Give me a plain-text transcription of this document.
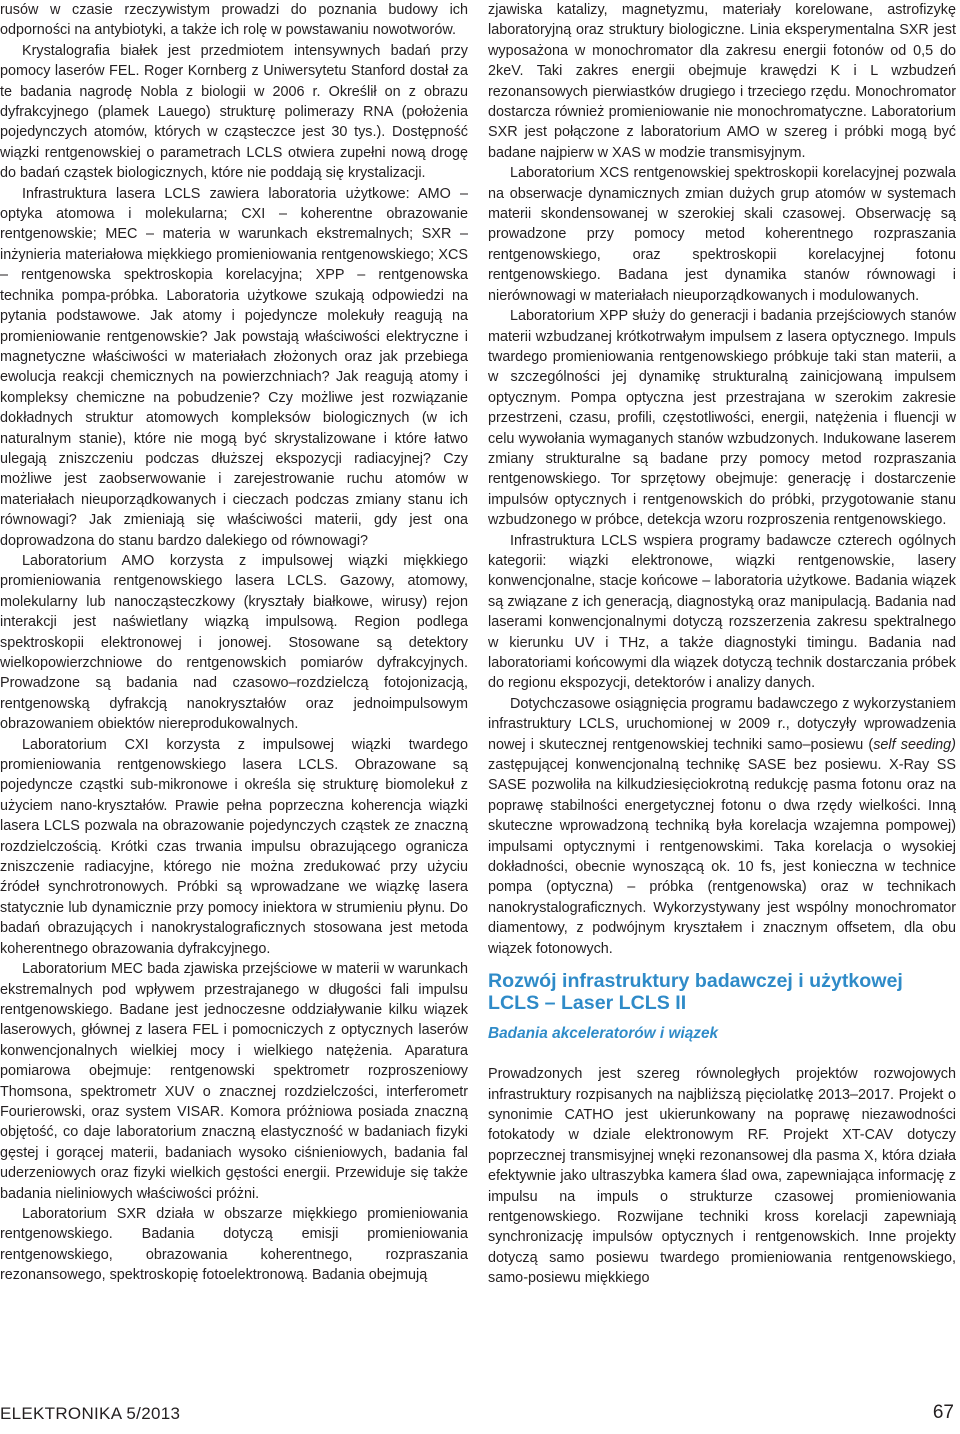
rusów w czasie rzeczywistym prowadzi do poznania budowy ich odporności na antybiotyki, a także ich rolę w powstawaniu nowotworów.

Krystalografia białek jest przedmiotem intensywnych badań przy pomocy laserów FEL. Roger Kornberg z Uniwersytetu Stanford dostał za te badania nagrodę Nobla z biologii w 2006 r. Określił on z obrazu dyfrakcyjnego (plamek Lauego) strukturę polimerazy RNA (położenia pojedynczych atomów, których w cząsteczce jest 30 tys.). Dostępność wiązki rentgenowskiej o parametrach LCLS otwiera zupełni nową drogę do badań cząstek biologicznych, które nie poddają się krystalizacji.

Infrastruktura lasera LCLS zawiera laboratoria użytkowe: AMO – optyka atomowa i molekularna; CXI – koherentne obrazowanie rentgenowskie; MEC – materia w warunkach ekstremalnych; SXR – inżynieria materiałowa miękkiego promieniowania rentgenowskiego; XCS – rentgenowska spektroskopia korelacyjna; XPP – rentgenowska technika pompa-próbka. Laboratoria użytkowe szukają odpowiedzi na pytania podstawowe. Jak atomy i pojedyncze molekuły reagują na promieniowanie rentgenowskie? Jak powstają właściwości elektryczne i magnetyczne właściwości w materiałach złożonych oraz jak przebiega ewolucja reakcji chemicznych na powierzchniach? Jak reagują atomy i kompleksy chemiczne na pobudzenie? Czy możliwe jest rozwiązanie dokładnych struktur atomowych kompleksów biologicznych (w ich naturalnym stanie), które nie mogą być skrystalizowane i które łatwo ulegają zniszczeniu podczas dłuższej ekspozycji radiacyjnej? Czy możliwe jest zaobserwowanie i zarejestrowanie ruchu atomów w materiałach nieuporządkowanych i cieczach podczas zmiany stanu ich równowagi? Jak zmieniają się właściwości materii, gdy jest ona doprowadzona do stanu bardzo dalekiego od równowagi?

Laboratorium AMO korzysta z impulsowej wiązki miękkiego promieniowania rentgenowskiego lasera LCLS. Gazowy, atomowy, molekularny lub nanocząsteczkowy (kryształy białkowe, wirusy) rejon interakcji jest naświetlany wiązką impulsową. Region podlega spektroskopii elektronowej i jonowej. Stosowane są detektory wielkopowierzchniowe do rentgenowskich pomiarów dyfrakcyjnych. Prowadzone są badania nad czasowo–rozdzielczą fotojonizacją, rentgenowską dyfrakcją nanokryształów oraz jednoimpulsowym obrazowaniem obiektów niereprodukowalnych.

Laboratorium CXI korzysta z impulsowej wiązki twardego promieniowania rentgenowskiego lasera LCLS. Obrazowane są pojedyncze cząstki sub-mikronowe i określa się strukturę biomolekuł z użyciem nano-kryształów. Prawie pełna poprzeczna koherencja wiązki lasera LCLS pozwala na obrazowanie pojedynczych cząstek ze znaczną rozdzielczością. Krótki czas trwania impulsu obrazującego ogranicza zniszczenie radiacyjne, którego nie można zredukować przy użyciu źródeł synchrotronowych. Próbki są wprowadzane we wiązkę lasera statycznie lub dynamicznie przy pomocy iniektora w strumieniu płynu. Do badań obrazujących i nanokrystalograficznych stosowana jest metoda koherentnego obrazowania dyfrakcyjnego.

Laboratorium MEC bada zjawiska przejściowe w materii w warunkach ekstremalnych pod wpływem przestrajanego w długości fali impulsu rentgenowskiego. Badane jest jednoczesne oddziaływanie kilku wiązek laserowych, głównej z lasera FEL i pomocniczych z optycznych laserów konwencjonalnych wielkiej mocy i wielkiego natężenia. Aparatura pomiarowa obejmuje: rentgenowski spektrometr rozproszeniowy Thomsona, spektrometr XUV o znacznej rozdzielczości, interferometr Fourierowski, oraz system VISAR. Komora próżniowa posiada znaczną objętość, co daje laboratorium znaczną elastyczność w badaniach fizyki gęstej i gorącej materii, badaniach wysoko ciśnieniowych, badania fal uderzeniowych oraz fizyki wielkich gęstości energii. Przewiduje się także badania nieliniowych właściwości próżni.

Laboratorium SXR działa w obszarze miękkiego promieniowania rentgenowskiego. Badania dotyczą emisji promieniowania rentgenowskiego, obrazowania koherentnego, rozpraszania rezonansowego, spektroskopię fotoelektronową. Badania obejmują

zjawiska katalizy, magnetyzmu, materiały korelowane, astrofizykę laboratoryjną oraz struktury biologiczne. Linia eksperymentalna SXR jest wyposażona w monochromator dla zakresu energii fotonów od 0,5 do 2keV. Taki zakres energii obejmuje krawędzi K i L wzbudzeń rezonansowych pierwiastków drugiego i trzeciego rzędu. Monochromator dostarcza również promieniowanie nie monochromatyczne. Laboratorium SXR jest połączone z laboratorium AMO w szereg i próbki mogą być badane najpierw w XAS w modzie transmisyjnym.

Laboratorium XCS rentgenowskiej spektroskopii korelacyjnej pozwala na obserwacje dynamicznych zmian dużych grup atomów w systemach materii skondensowanej w szerokiej skali czasowej. Obserwację są prowadzone przy pomocy metod koherentnego rozpraszania rentgenowskiego, oraz spektroskopii korelacyjnej fotonu rentgenowskiego. Badana jest dynamika stanów równowagi i nierównowagi w materiałach nieuporządkowanych i modulowanych.

Laboratorium XPP służy do generacji i badania przejściowych stanów materii wzbudzanej krótkotrwałym impulsem z lasera optycznego. Impuls twardego promieniowania rentgenowskiego próbkuje taki stan materii, a w szczególności jej dynamikę strukturalną zainicjowaną impulsem optycznym. Pompa optyczna jest przestrajana w szerokim zakresie przestrzeni, czasu, profili, częstotliwości, energii, natężenia i fluencji w celu wywołania wymaganych stanów wzbudzonych. Indukowane laserem zmiany strukturalne są badane przy pomocy metod rozpraszania rentgenowskiego. Tor sprzętowy obejmuje: generację i dostarczenie impulsów optycznych i rentgenowskich do próbki, przygotowanie stanu wzbudzonego w próbce, detekcja wzoru rozproszenia rentgenowskiego.

Infrastruktura LCLS wspiera programy badawcze czterech ogólnych kategorii: wiązki elektronowe, wiązki rentgenowskie, lasery konwencjonalne, stacje końcowe – laboratoria użytkowe. Badania wiązek są związane z ich generacją, diagnostyką oraz manipulacją. Badania nad laserami konwencjonalnymi dotyczą rozszerzenia zakresu spektralnego w kierunku UV i THz, a także diagnostyki timingu. Badania nad laboratoriami końcowymi dla wiązek dotyczą technik dostarczania próbek do regionu ekspozycji, detektorów i analizy danych.

Dotychczasowe osiągnięcia programu badawczego z wykorzystaniem infrastruktury LCLS, uruchomionej w 2009 r., dotyczyły wprowadzenia nowej i skutecznej rentgenowskiej techniki samo–posiewu (self seeding) zastępującej konwencjonalną technikę SASE bez posiewu. X-Ray SS SASE pozwoliła na kilkudziesięciokrotną redukcję pasma fotonu oraz na poprawę stabilności energetycznej fotonu o dwa rzędy wielkości. Inną skuteczne wprowadzoną techniką była korelacja wzajemna pompowej) impulsami optycznymi i rentgenowskimi. Taka korelacja o wysokiej dokładności, obecnie wynoszącą ok. 10 fs, jest konieczna w technice pompa (optyczna) – próbka (rentgenowska) oraz w technikach nanokrystalograficznych. Wykorzystywany jest wspólny monochromator diamentowy, z podwójnym kryształem i znacznym offsetem, dla obu wiązek fotonowych.

Rozwój infrastruktury badawczej i użytkowej LCLS – Laser LCLS II
Badania akceleratorów i wiązek

Prowadzonych jest szereg równoległych projektów rozwojowych infrastruktury rozpisanych na najbliższą pięciolatkę 2013–2017. Projekt o synonimie CATHO jest ukierunkowany na poprawę niezawodności fotokatody w dziale elektronowym RF. Projekt XT-CAV dotyczy poprzecznej transmisyjnej wnęki rezonansowej dla pasma X, która działa efektywnie jako ultraszybka kamera ślad owa, zapewniająca informację z impulsu na impuls o strukturze czasowej promieniowania rentgenowskiego. Rozwijane techniki kross korelacji zapewniają synchronizację impulsów optycznych i rentgenowskich. Inne projekty dotyczą samo posiewu twardego promieniowania rentgenowskiego, samo-posiewu miękkiego

ELEKTRONIKA 5/2013	67
